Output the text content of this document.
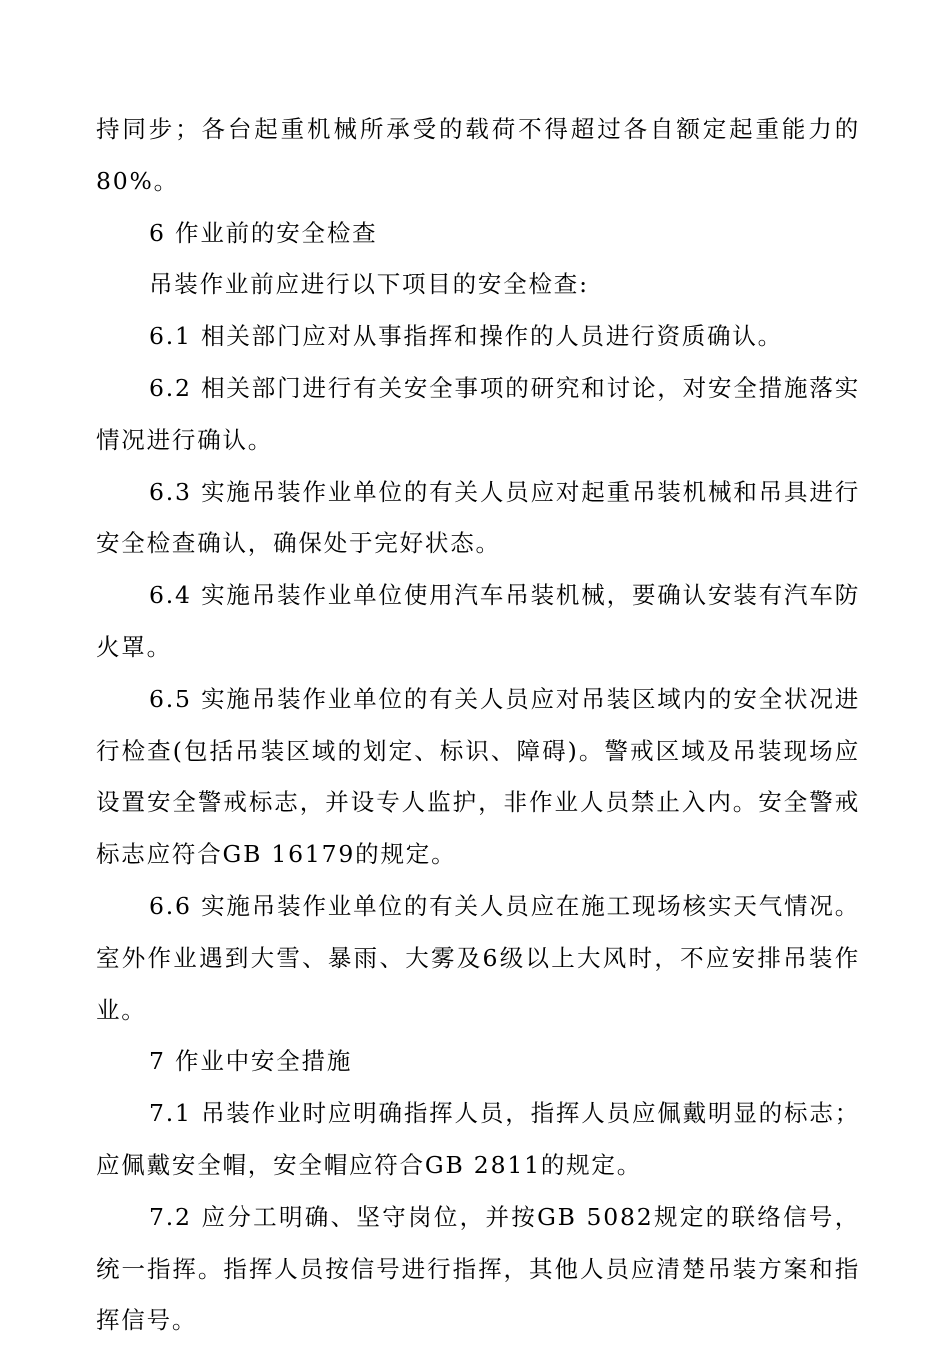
持同步；各台起重机械所承受的载荷不得超过各自额定起重能力的80%。

6 作业前的安全检查

吊装作业前应进行以下项目的安全检查:

6.1 相关部门应对从事指挥和操作的人员进行资质确认。

6.2 相关部门进行有关安全事项的研究和讨论，对安全措施落实情况进行确认。

6.3 实施吊装作业单位的有关人员应对起重吊装机械和吊具进行安全检查确认，确保处于完好状态。

6.4 实施吊装作业单位使用汽车吊装机械，要确认安装有汽车防火罩。

6.5 实施吊装作业单位的有关人员应对吊装区域内的安全状况进行检查(包括吊装区域的划定、标识、障碍)。警戒区域及吊装现场应设置安全警戒标志，并设专人监护，非作业人员禁止入内。安全警戒标志应符合GB 16179的规定。

6.6 实施吊装作业单位的有关人员应在施工现场核实天气情况。室外作业遇到大雪、暴雨、大雾及6级以上大风时，不应安排吊装作业。

7 作业中安全措施

7.1 吊装作业时应明确指挥人员，指挥人员应佩戴明显的标志；应佩戴安全帽，安全帽应符合GB 2811的规定。

7.2 应分工明确、坚守岗位，并按GB 5082规定的联络信号，统一指挥。指挥人员按信号进行指挥，其他人员应清楚吊装方案和指挥信号。
